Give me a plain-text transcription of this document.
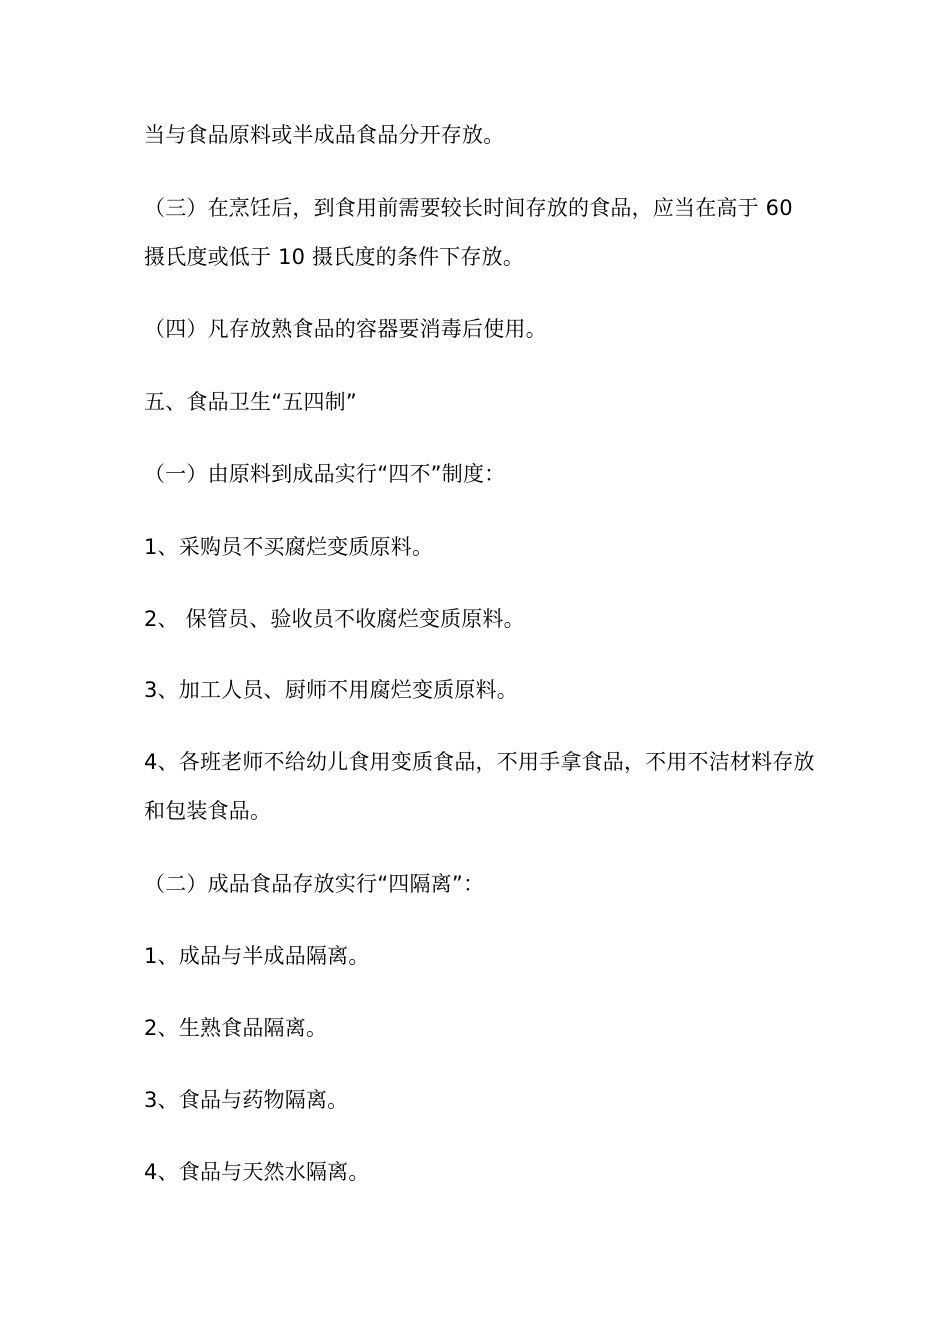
当与食品原料或半成品食品分开存放。
（三）在烹饪后，到食用前需要较长时间存放的食品，应当在高于 60
摄氏度或低于 10 摄氏度的条件下存放。
（四）凡存放熟食品的容器要消毒后使用。
五、食品卫生“五四制”
（一）由原料到成品实行“四不”制度：
1、采购员不买腐烂变质原料。
2、 保管员、验收员不收腐烂变质原料。
3、加工人员、厨师不用腐烂变质原料。
4、各班老师不给幼儿食用变质食品，不用手拿食品，不用不洁材料存放
和包装食品。
（二）成品食品存放实行“四隔离”：
1、成品与半成品隔离。
2、生熟食品隔离。
3、食品与药物隔离。
4、食品与天然水隔离。
